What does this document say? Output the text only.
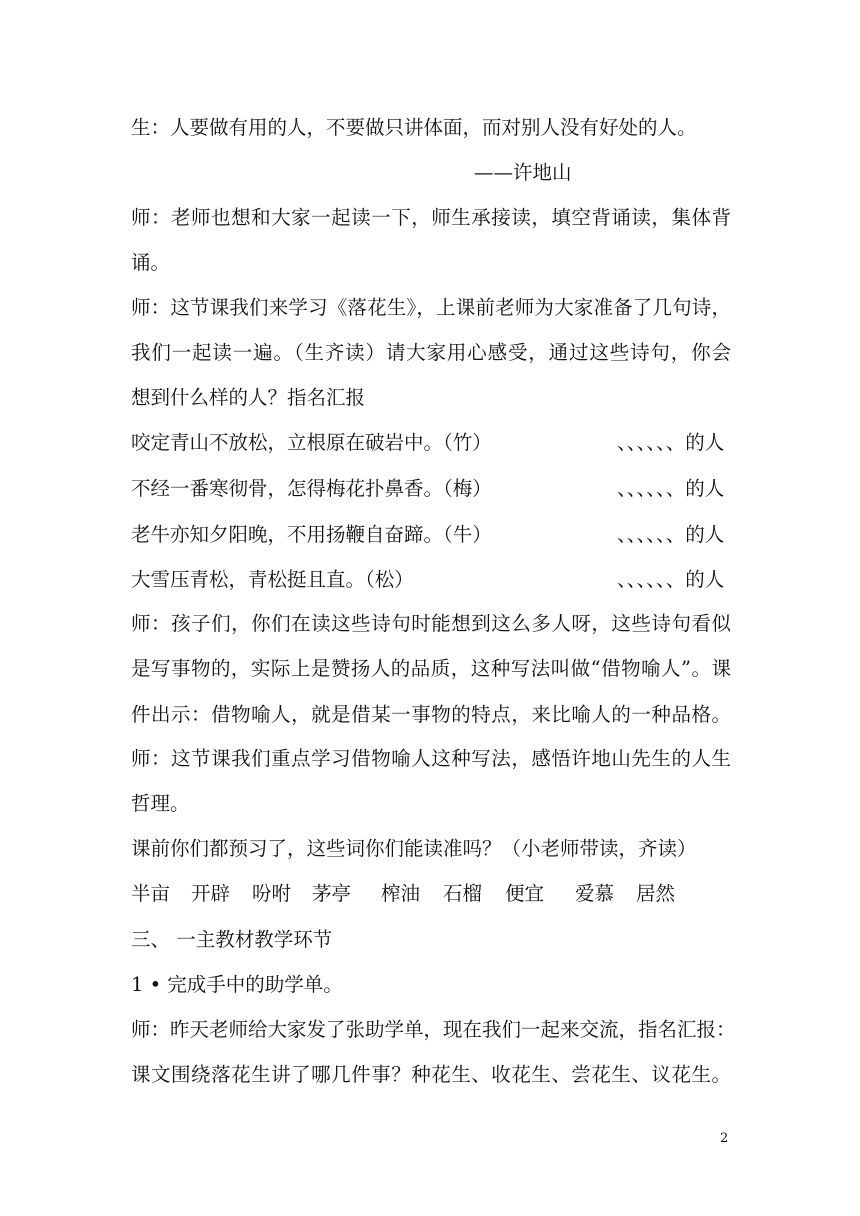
生：人要做有用的人，不要做只讲体面，而对别人没有好处的人。
——许地山
师：老师也想和大家一起读一下，师生承接读，填空背诵读，集体背
诵。
师：这节课我们来学习《落花生》，上课前老师为大家准备了几句诗，
我们一起读一遍。（生齐读）请大家用心感受，通过这些诗句，你会
想到什么样的人？指名汇报
咬定青山不放松，立根原在破岩中。（竹）	、、、、、、的人
不经一番寒彻骨，怎得梅花扑鼻香。（梅）	、、、、、、的人
老牛亦知夕阳晚，不用扬鞭自奋蹄。（牛）	、、、、、、的人
大雪压青松，青松挺且直。（松）	、、、、、、的人
师：孩子们，你们在读这些诗句时能想到这么多人呀，这些诗句看似
是写事物的，实际上是赞扬人的品质，这种写法叫做“借物喻人”。课
件出示：借物喻人，就是借某一事物的特点，来比喻人的一种品格。
师：这节课我们重点学习借物喻人这种写法，感悟许地山先生的人生
哲理。
课前你们都预习了，这些词你们能读准吗？（小老师带读，齐读）
半亩 开辟 吩咐 茅亭 榨油 石榴 便宜 爱慕 居然
三、 一主教材教学环节
1 • 完成手中的助学单。
师：昨天老师给大家发了张助学单，现在我们一起来交流，指名汇报：
课文围绕落花生讲了哪几件事？种花生、收花生、尝花生、议花生。
2
